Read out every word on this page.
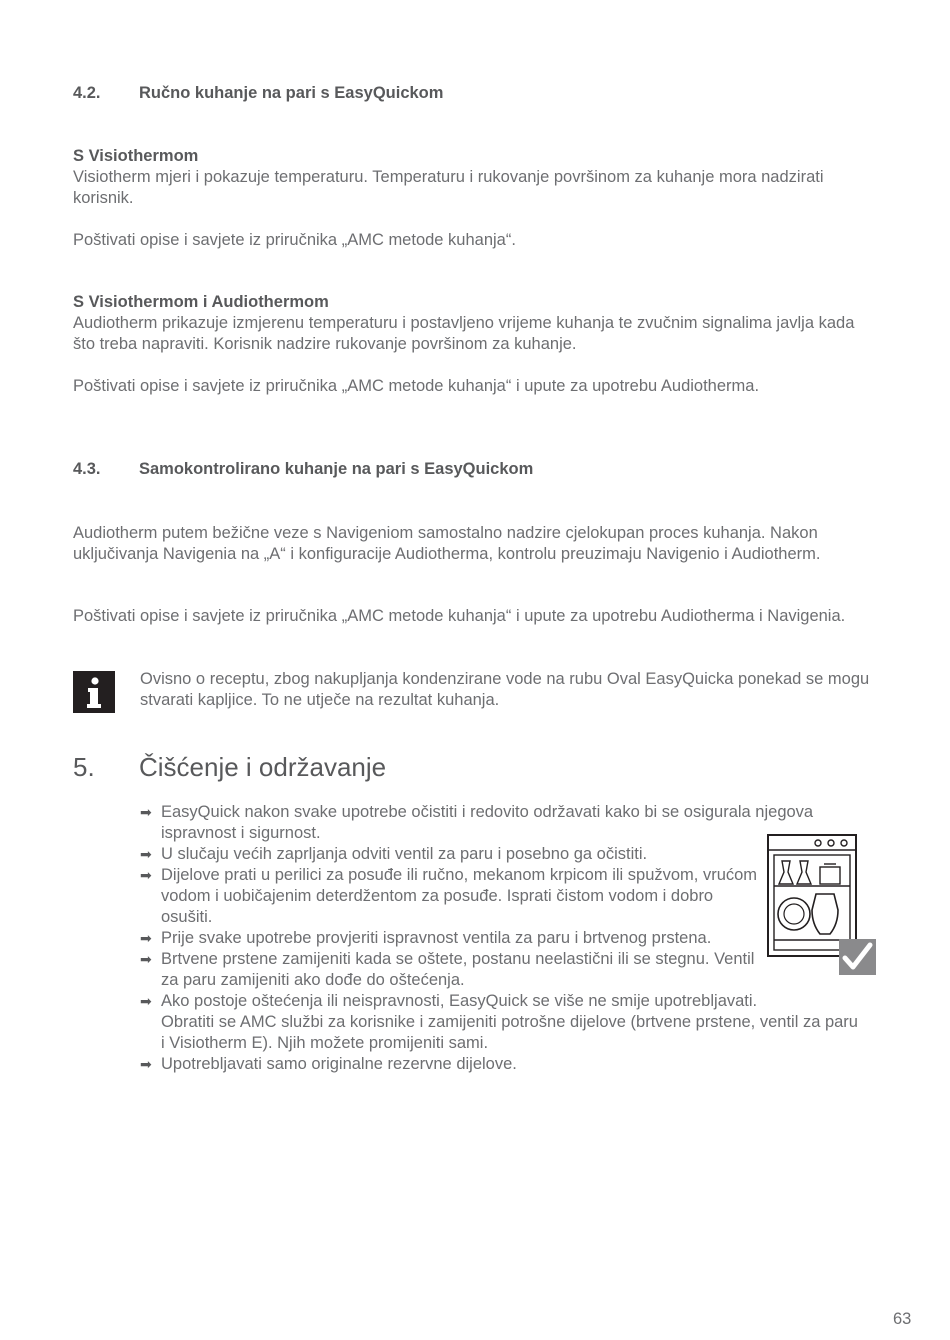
4.2. Ručno kuhanje na pari s EasyQuickom
S Visiothermom

Visiotherm mjeri i pokazuje temperaturu. Temperaturu i rukovanje površinom za kuhanje mora nadzirati korisnik.

Poštivati opise i savjete iz priručnika „AMC metode kuhanja“.

S Visiothermom i Audiothermom

Audiotherm prikazuje izmjerenu temperaturu i postavljeno vrijeme kuhanja te zvučnim signalima javlja kada što treba napraviti. Korisnik nadzire rukovanje površinom za kuhanje.

Poštivati opise i savjete iz priručnika „AMC metode kuhanja“ i upute za upotrebu Audiotherma.

4.3. Samokontrolirano kuhanje na pari s EasyQuickom

Audiotherm putem bežične veze s Navigeniom samostalno nadzire cjelokupan proces kuhanja. Nakon uključivanja Navigenia na „A“ i konfiguracije Audiotherma, kontrolu preuzimaju Navigenio i Audiotherm.

Poštivati opise i savjete iz priručnika „AMC metode kuhanja“ i upute za upotrebu Audiotherma i Navigenia.

Ovisno o receptu, zbog nakupljanja kondenzirane vode na rubu Oval EasyQuicka ponekad se mogu stvarati kapljice. To ne utječe na rezultat kuhanja.

5. Čišćenje i održavanje
➡ EasyQuick nakon svake upotrebe očistiti i redovito održavati kako bi se osigurala njegova ispravnost i sigurnost.
➡ U slučaju većih zaprljanja odviti ventil za paru i posebno ga očistiti.
➡ Dijelove prati u perilici za posuđe ili ručno, mekanom krpicom ili spužvom, vrućom vodom i uobičajenim deterdžentom za posuđe. Isprati čistom vodom i dobro osušiti.
➡ Prije svake upotrebe provjeriti ispravnost ventila za paru i brtvenog prstena.
➡ Brtvene prstene zamijeniti kada se oštete, postanu neelastični ili se stegnu. Ventil za paru zamijeniti ako dođe do oštećenja.
➡ Ako postoje oštećenja ili neispravnosti, EasyQuick se više ne smije upotrebljavati.
Obratiti se AMC službi za korisnike i zamijeniti potrošne dijelove (brtvene prstene, ventil za paru i Visiotherm E). Njih možete promijeniti sami.
➡ Upotrebljavati samo originalne rezervne dijelove.
63
